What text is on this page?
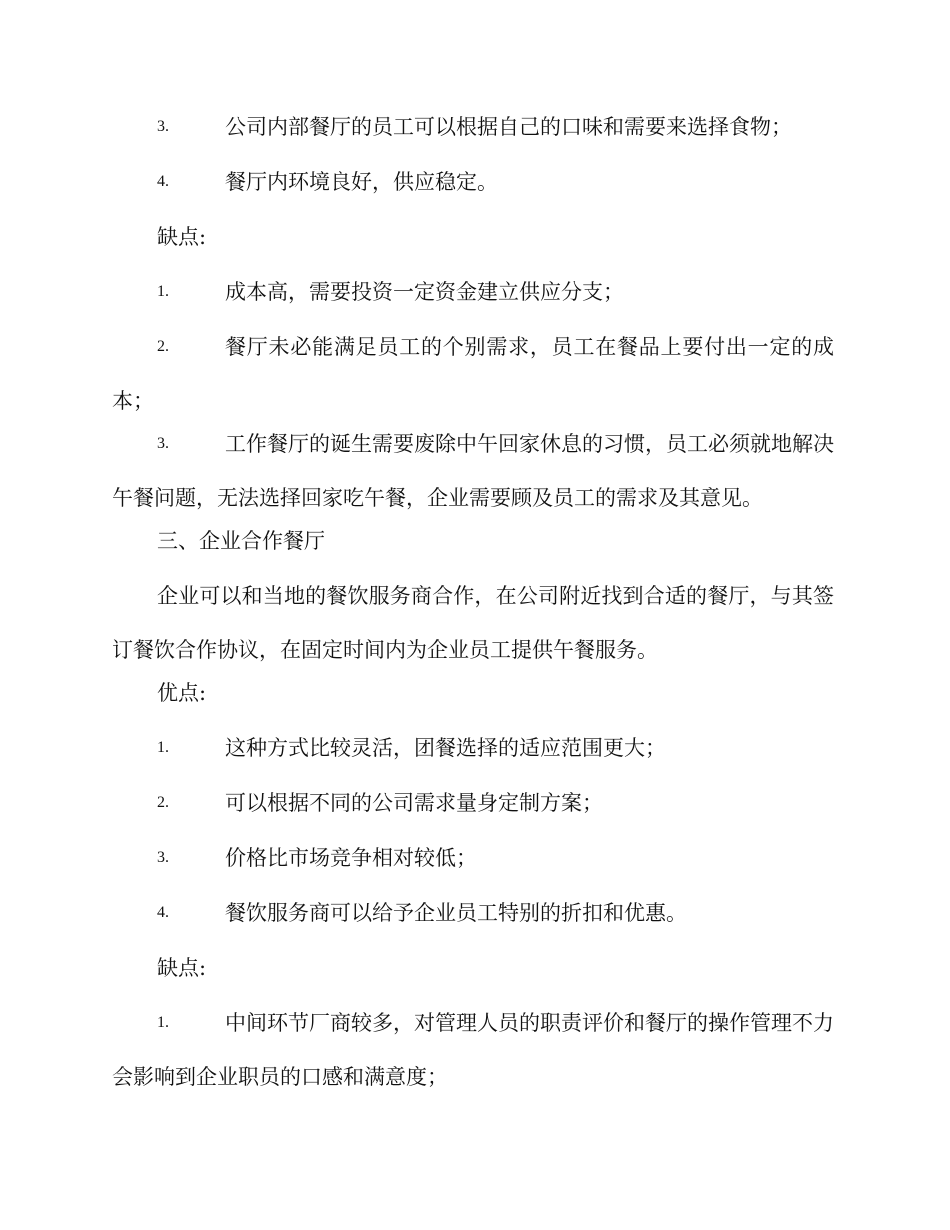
3.	公司内部餐厅的员工可以根据自己的口味和需要来选择食物；
4.	餐厅内环境良好，供应稳定。
缺点:
1.	成本高，需要投资一定资金建立供应分支；
2.	餐厅未必能满足员工的个别需求，员工在餐品上要付出一定的成本；
3.	工作餐厅的诞生需要废除中午回家休息的习惯，员工必须就地解决午餐问题，无法选择回家吃午餐，企业需要顾及员工的需求及其意见。
三、企业合作餐厅
企业可以和当地的餐饮服务商合作，在公司附近找到合适的餐厅，与其签订餐饮合作协议，在固定时间内为企业员工提供午餐服务。
优点:
1.	这种方式比较灵活，团餐选择的适应范围更大；
2.	可以根据不同的公司需求量身定制方案；
3.	价格比市场竞争相对较低；
4.	餐饮服务商可以给予企业员工特别的折扣和优惠。
缺点:
1.	中间环节厂商较多，对管理人员的职责评价和餐厅的操作管理不力会影响到企业职员的口感和满意度；
